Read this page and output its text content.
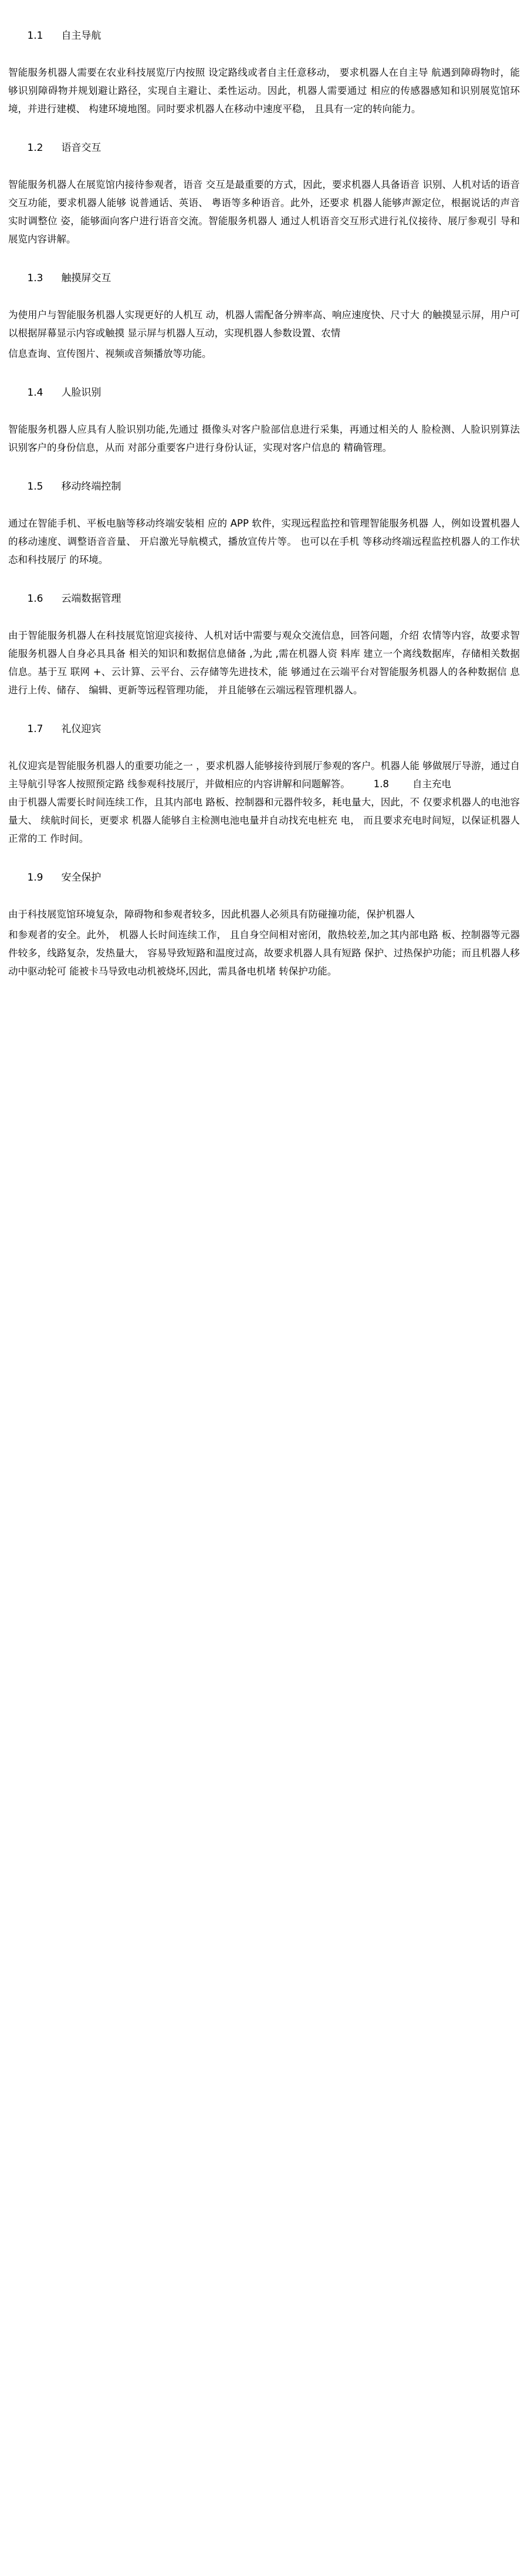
1.1 自主导航

智能服务机器人需要在农业科技展览厅内按照 设定路线或者自主任意移动， 要求机器人在自主导 航遇到障碍物时，能够识别障碍物并规划避让路径，实现自主避让、柔性运动。因此，机器人需要通过 相应的传感器感知和识别展览馆环境，并进行建模、 构建环境地图。同时要求机器人在移动中速度平稳， 且具有一定的转向能力。

1.2 语音交互

智能服务机器人在展览馆内接待参观者，语音 交互是最重要的方式，因此，要求机器人具备语音 识别、人机对话的语音交互功能，要求机器人能够 说普通话、英语、 粤语等多种语音。此外，还要求 机器人能够声源定位，根据说话的声音实时调整位 姿，能够面向客户进行语音交流。智能服务机器人 通过人机语音交互形式进行礼仪接待、展厅参观引 导和展览内容讲解。

1.3 触摸屏交互

为使用户与智能服务机器人实现更好的人机互 动，机器人需配备分辨率高、响应速度快、尺寸大 的触摸显示屏，用户可以根据屏幕显示内容或触摸 显示屏与机器人互动，实现机器人参数设置、农情

信息查询、宣传图片、视频或音频播放等功能。

1.4 人脸识别

智能服务机器人应具有人脸识别功能,先通过 摄像头对客户脸部信息进行采集，再通过相关的人 脸检测、人脸识别算法识别客户的身份信息，从而 对部分重要客户进行身份认证，实现对客户信息的 精确管理。

1.5 移动终端控制

通过在智能手机、平板电脑等移动终端安装相 应的 APP 软件，实现远程监控和管理智能服务机器 人，例如设置机器人的移动速度、调整语音音量、 开启激光导航模式，播放宣传片等。 也可以在手机 等移动终端远程监控机器人的工作状态和科技展厅 的环境。

1.6 云端数据管理

由于智能服务机器人在科技展览馆迎宾接待、人机对话中需要与观众交流信息，回答问题，介绍 农情等内容，故要求智能服务机器人自身必具具备 相关的知识和数据信息储备 ,为此 ,需在机器人资 料库 建立一个离线数据库，存储相关数据信息。基于互 联网 +、云计算、云平台、云存储等先进技术，能 够通过在云端平台对智能服务机器人的各种数据信 息进行上传、储存、 编辑、更新等远程管理功能， 并且能够在云端远程管理机器人。

1.7 礼仪迎宾

礼仪迎宾是智能服务机器人的重要功能之一 ，要求机器人能够接待到展厅参观的客户。机器人能 够做展厅导游，通过自主导航引导客人按照预定路 线参观科技展厅，并做相应的内容讲解和问题解答。 1.8 自主充电

由于机器人需要长时间连续工作，且其内部电 路板、控制器和元器件较多，耗电量大，因此，不 仅要求机器人的电池容量大、 续航时间长，更要求 机器人能够自主检测电池电量并自动找充电桩充 电， 而且要求充电时间短，以保证机器人正常的工 作时间。

1.9 安全保护

由于科技展览馆环境复杂，障碍物和参观者较多，因此机器人必须具有防碰撞功能，保护机器人

和参观者的安全。此外， 机器人长时间连续工作， 且自身空间相对密闭，散热较差,加之其内部电路 板、控制器等元器件较多，线路复杂，发热量大， 容易导致短路和温度过高，故要求机器人具有短路 保护、过热保护功能；而且机器人移动中驱动轮可 能被卡马导致电动机被烧坏,因此，需具备电机堵 转保护功能。
